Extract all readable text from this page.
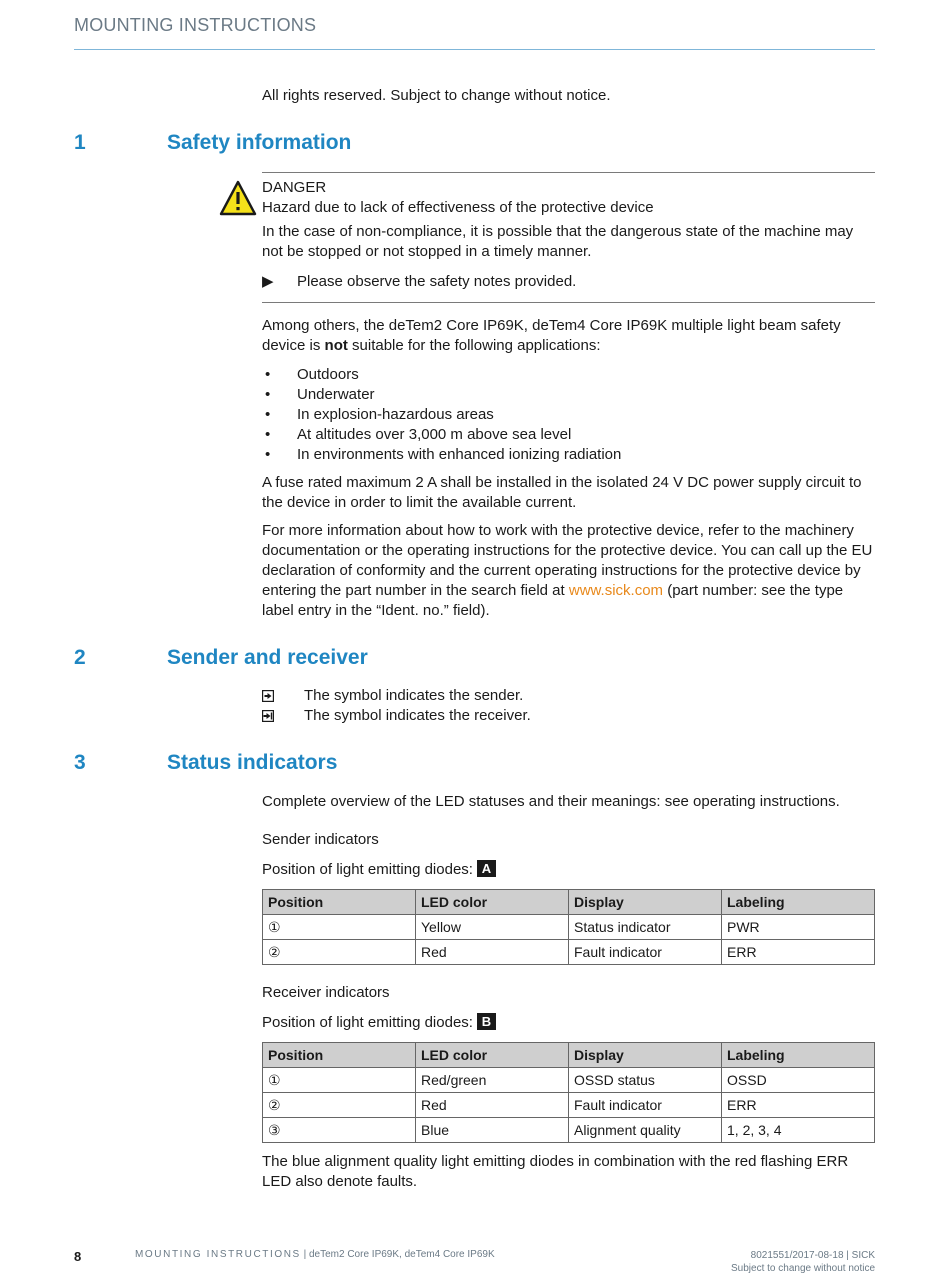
MOUNTING INSTRUCTIONS
All rights reserved. Subject to change without notice.
1	Safety information
DANGER
Hazard due to lack of effectiveness of the protective device
In the case of non-compliance, it is possible that the dangerous state of the machine may not be stopped or not stopped in a timely manner.
▶ Please observe the safety notes provided.
Among others, the deTem2 Core IP69K, deTem4 Core IP69K multiple light beam safety device is not suitable for the following applications:
• Outdoors
• Underwater
• In explosion-hazardous areas
• At altitudes over 3,000 m above sea level
• In environments with enhanced ionizing radiation
A fuse rated maximum 2 A shall be installed in the isolated 24 V DC power supply circuit to the device in order to limit the available current.
For more information about how to work with the protective device, refer to the machinery documentation or the operating instructions for the protective device. You can call up the EU declaration of conformity and the current operating instructions for the protective device by entering the part number in the search field at www.sick.com (part number: see the type label entry in the “Ident. no.” field).
2	Sender and receiver
The symbol indicates the sender.
The symbol indicates the receiver.
3	Status indicators
Complete overview of the LED statuses and their meanings: see operating instructions.
Sender indicators
Position of light emitting diodes: A
Position	LED color	Display	Labeling
①	Yellow	Status indicator	PWR
②	Red	Fault indicator	ERR
Receiver indicators
Position of light emitting diodes: B
Position	LED color	Display	Labeling
①	Red/green	OSSD status	OSSD
②	Red	Fault indicator	ERR
③	Blue	Alignment quality	1, 2, 3, 4
The blue alignment quality light emitting diodes in combination with the red flashing ERR LED also denote faults.
8	MOUNTING INSTRUCTIONS | deTem2 Core IP69K, deTem4 Core IP69K	8021551/2017-08-18 | SICK
Subject to change without notice
